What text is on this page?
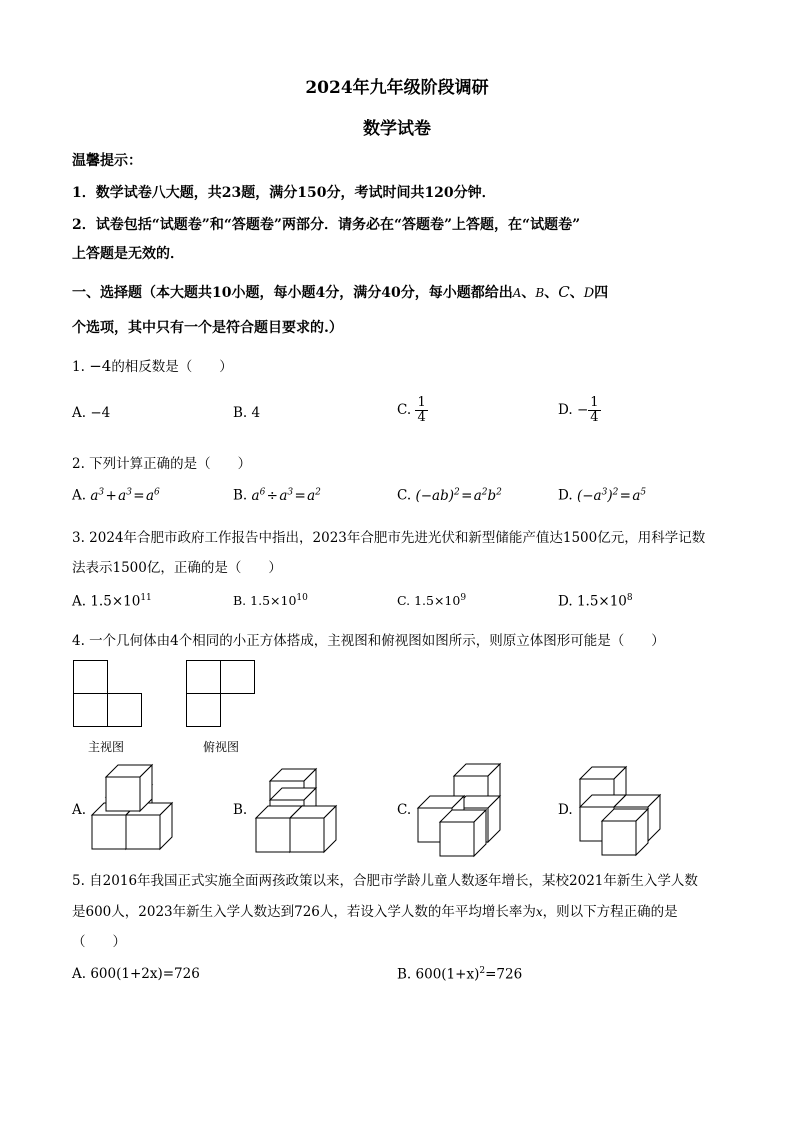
2024年九年级阶段调研
数学试卷
温馨提示：
1．数学试卷八大题，共23题，满分150分，考试时间共120分钟．
2．试卷包括“试题卷”和“答题卷”两部分．请务必在“答题卷”上答题，在“试题卷”
上答题是无效的．
一、选择题（本大题共10小题，每小题4分，满分40分，每小题都给出A、B、C、D四
个选项，其中只有一个是符合题目要求的.）
1. −4的相反数是（　　）
A. −4	B. 4	C. $\frac{1}{4}$	D. − $\frac{1}{4}$
2. 下列计算正确的是（　　）
A. $a^3$ + $a^3$ = $a^6$	B. $a^6$ ÷ $a^3$ = $a^2$	C. $(-ab)^2$ = $a^2b^2$	D. $(-a^3)^2$ = $a^5$
3. 2024年合肥市政府工作报告中指出，2023年合肥市先进光伏和新型储能产值达1500亿元，用科学记数
法表示1500亿，正确的是（　　）
A. $1.5\times 10^{11}$	B. $1.5\times 10^{10}$	C. $1.5\times 10^9$	D. $1.5\times 10^8$
4. 一个几何体由4个相同的小正方体搭成，主视图和俯视图如图所示，则原立体图形可能是（　　）
主视图	俯视图
A.	B.	C.	D.
5. 自2016年我国正式实施全面两孩政策以来，合肥市学龄儿童人数逐年增长，某校2021年新生入学人数
是600人，2023年新生入学人数达到726人，若设入学人数的年平均增长率为x，则以下方程正确的是
（　　）
A. 600(1+2x)=726	B. $600(1+x)^2=726$
